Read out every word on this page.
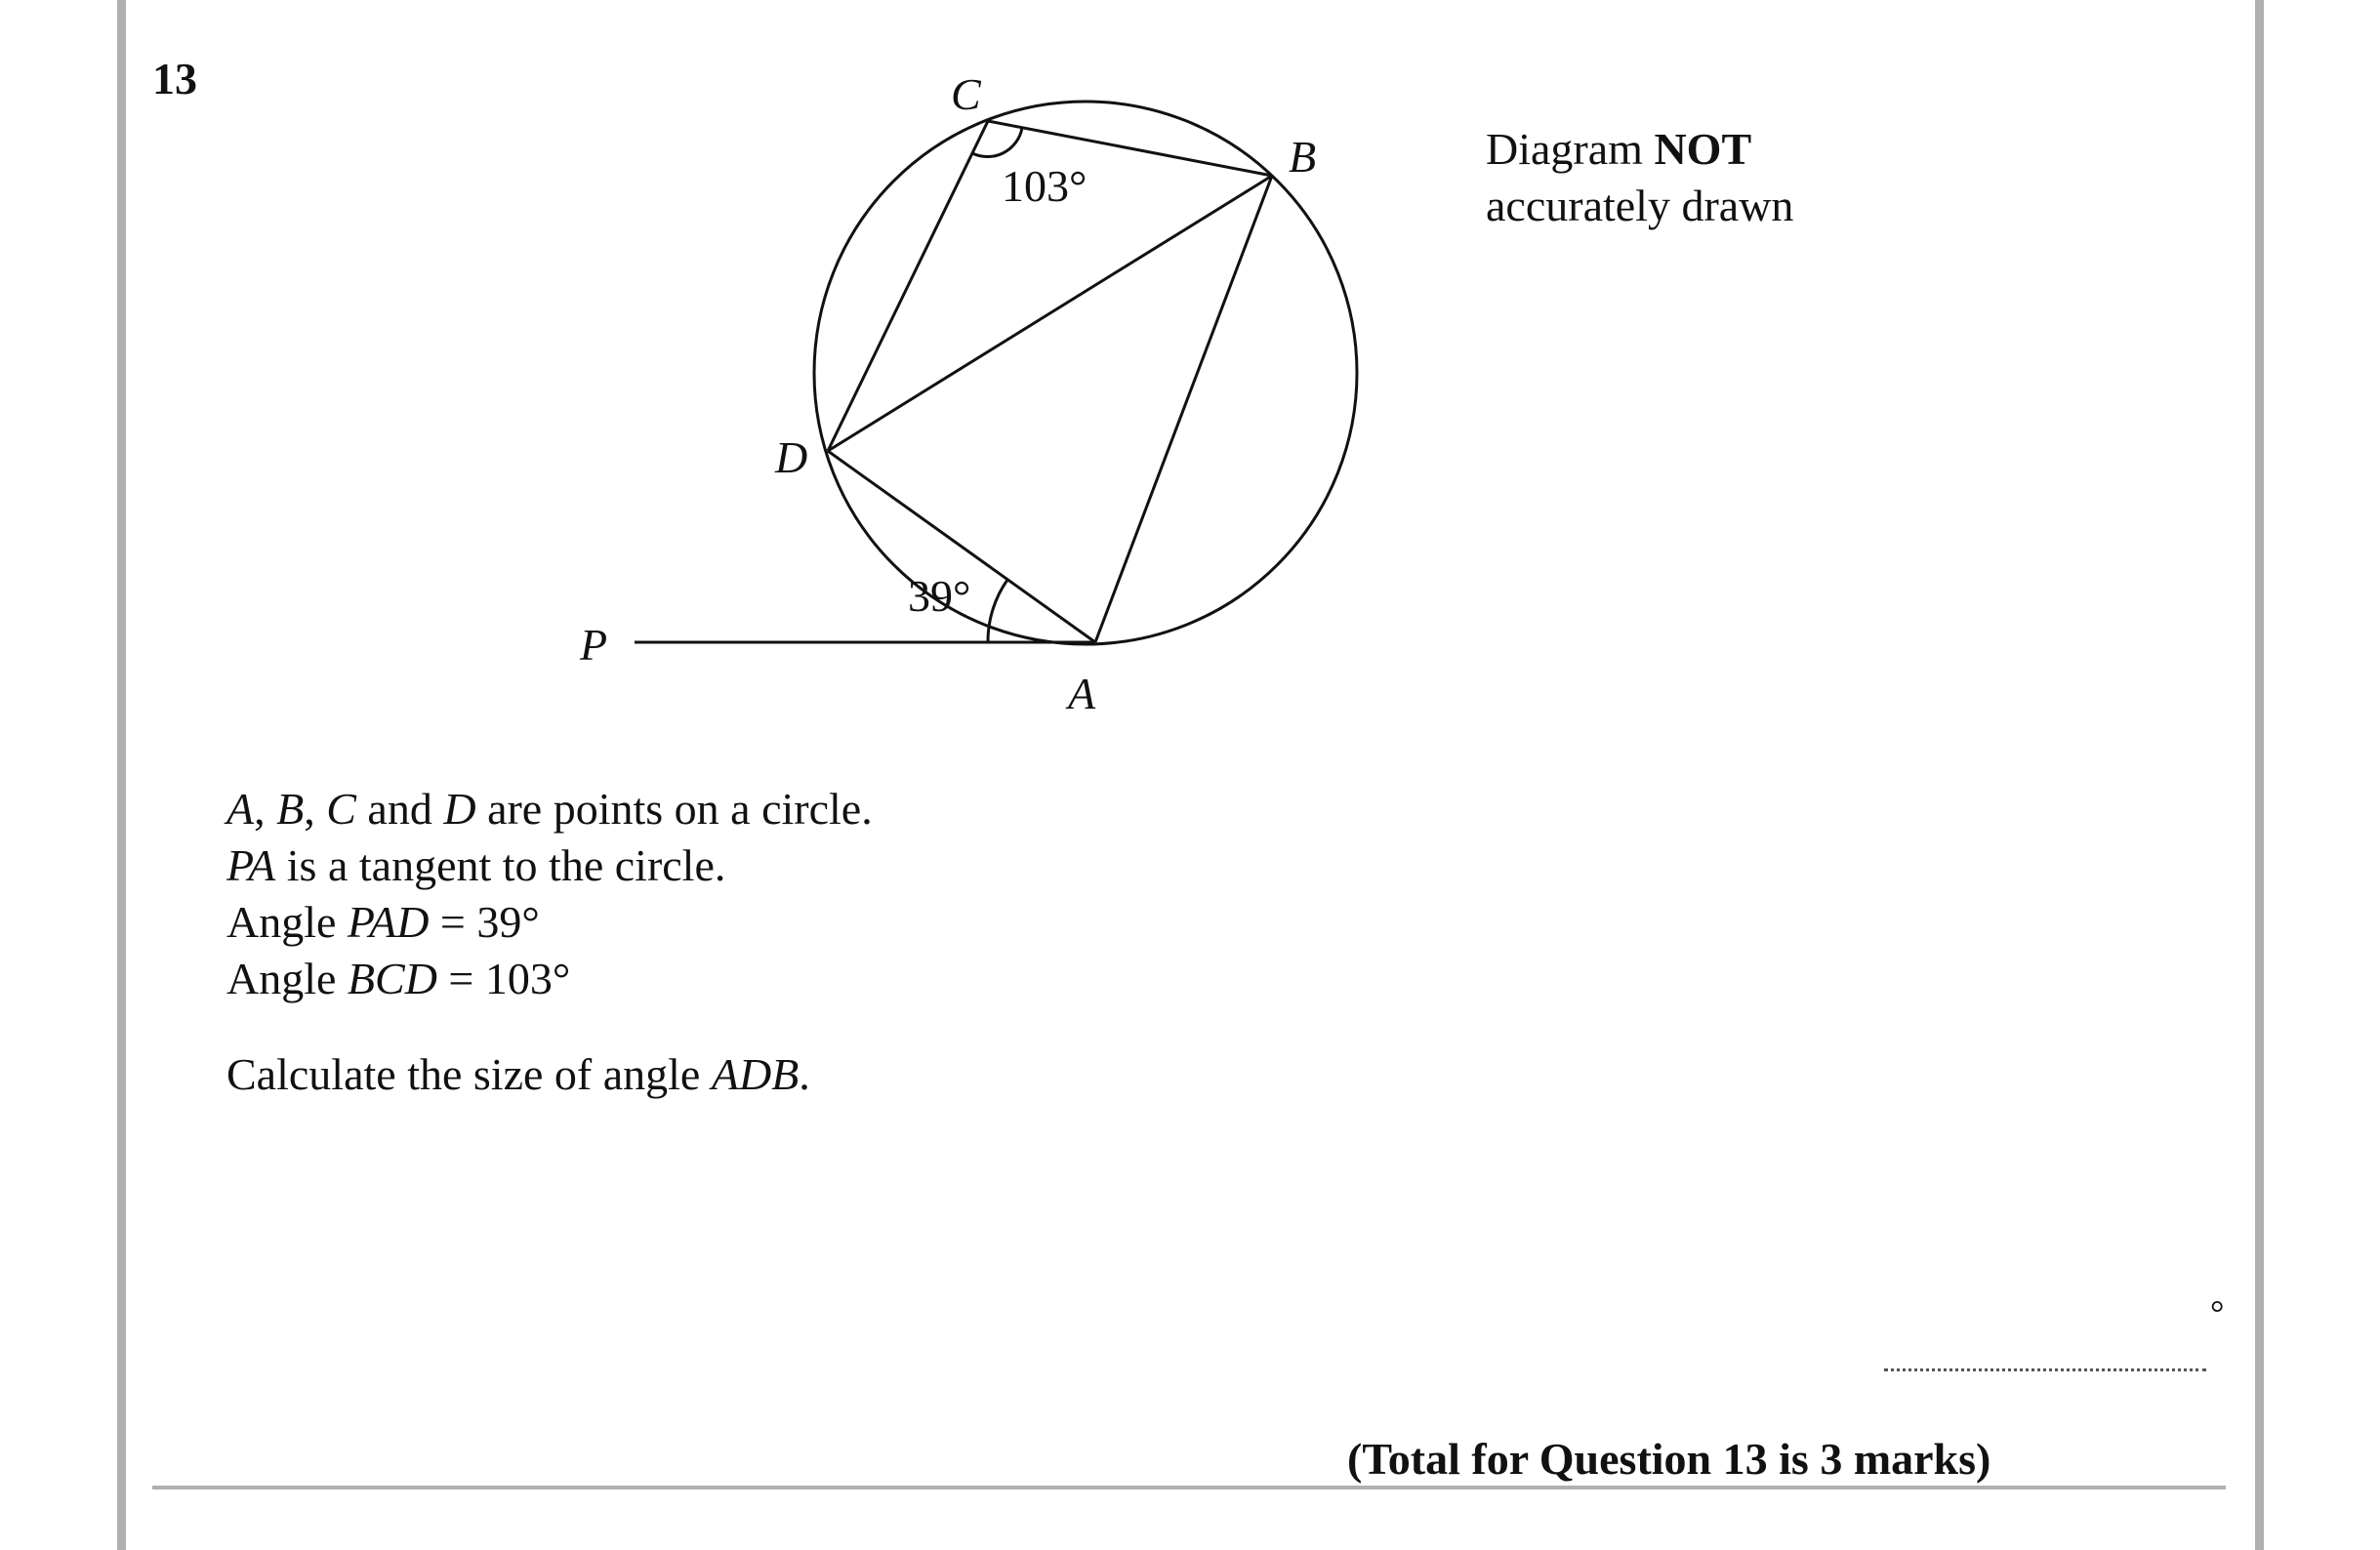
13	C
B
D
A
P
103°
39°
Diagram NOT
accurately drawn

A, B, C and D are points on a circle.

PA is a tangent to the circle.

Angle PAD = 39°

Angle BCD = 103°

Calculate the size of angle ADB.
°
(Total for Question 13 is 3 marks)
